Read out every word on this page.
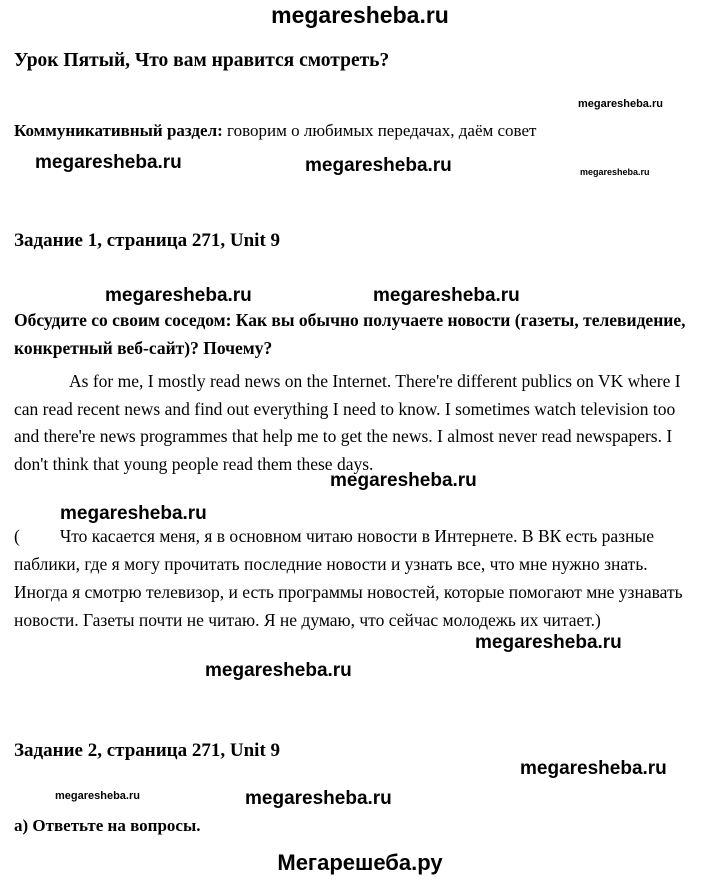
megaresheba.ru
Урок Пятый, Что вам нравится смотреть?
Коммуникативный раздел: говорим о любимых передачах, даём совет
Задание 1, страница 271, Unit 9
Обсудите со своим соседом: Как вы обычно получаете новости (газеты, телевидение, конкретный веб-сайт)? Почему?
As for me, I mostly read news on the Internet. There're different publics on VK where I can read recent news and find out everything I need to know. I sometimes watch television too and there're news programmes that help me to get the news. I almost never read newspapers. I don't think that young people read them these days.
( Что касается меня, я в основном читаю новости в Интернете. В ВК есть разные паблики, где я могу прочитать последние новости и узнать все, что мне нужно знать. Иногда я смотрю телевизор, и есть программы новостей, которые помогают мне узнавать новости. Газеты почти не читаю. Я не думаю, что сейчас молодежь их читает.)
Задание 2, страница 271, Unit 9
а) Ответьте на вопросы.
Мегарешеба.ру
megaresheba.ru
megaresheba.ru	megaresheba.ru	megaresheba.ru
megaresheba.ru	megaresheba.ru
megaresheba.ru
megaresheba.ru
megaresheba.ru
megaresheba.ru
megaresheba.ru
megaresheba.ru	megaresheba.ru
